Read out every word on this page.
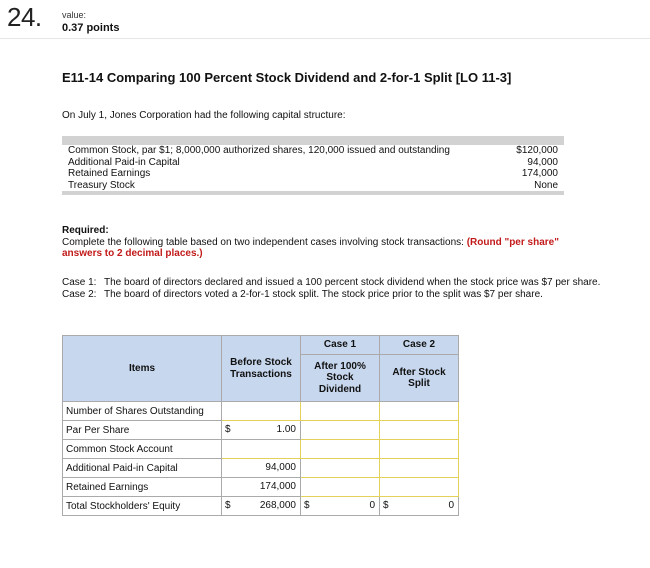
24. value:
0.37 points
E11-14 Comparing 100 Percent Stock Dividend and 2-for-1 Split [LO 11-3]
On July 1, Jones Corporation had the following capital structure:

Common Stock, par $1; 8,000,000 authorized shares, 120,000 issued and outstanding	$120,000
Additional Paid-in Capital	94,000
Retained Earnings	174,000
Treasury Stock	None

Required:
Complete the following table based on two independent cases involving stock transactions: (Round "per share" answers to 2 decimal places.)
Case 1: The board of directors declared and issued a 100 percent stock dividend when the stock price was $7 per share.
Case 2: The board of directors voted a 2-for-1 stock split. The stock price prior to the split was $7 per share.
Items	Before Stock Transactions	Case 1	Case 2
		After 100% Stock Dividend	After Stock Split
Number of Shares Outstanding	

Par Per Share	$ 1.00		

Common Stock Account	

Additional Paid-in Capital	94,000		

Retained Earnings	174,000		

Total Stockholders' Equity	$ 268,000	$ 0	$ 0
